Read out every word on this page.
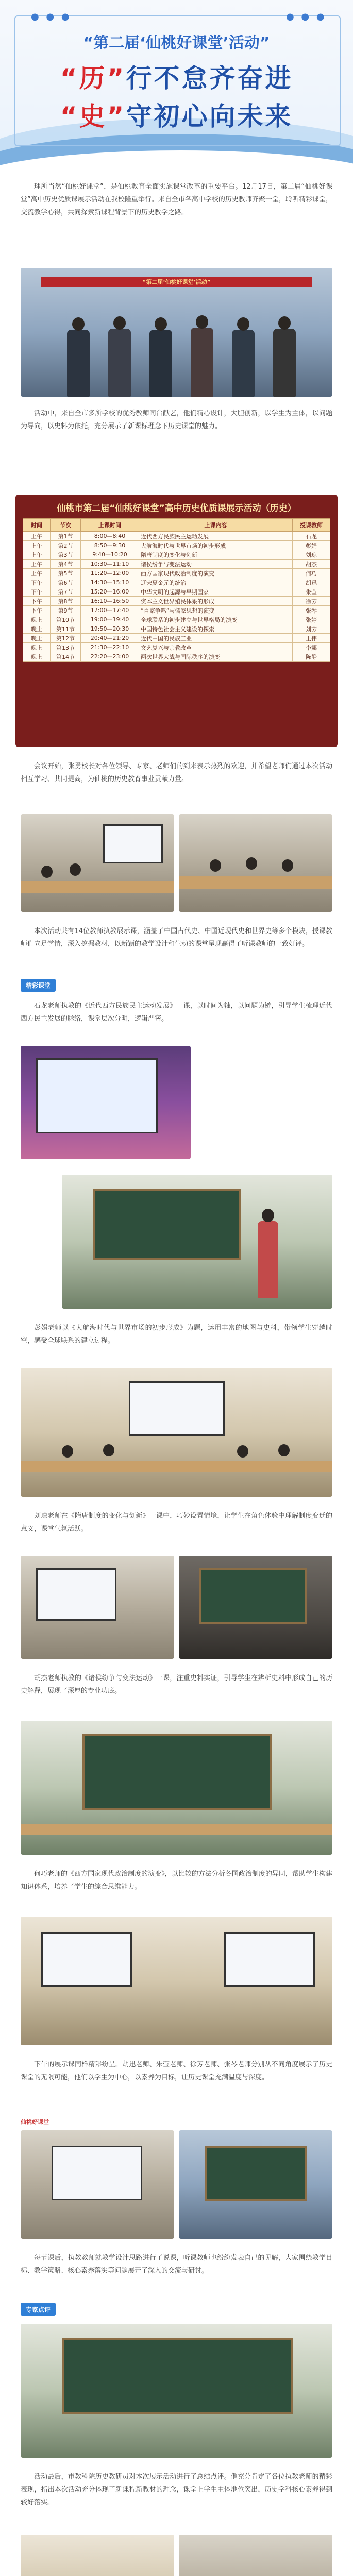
● ● ●	● ● ●
“第二届‘仙桃好课堂’活动”
“历”行不怠齐奋进
“史”守初心向未来

理所当然“仙桃好课堂”，是仙桃教育全面实施课堂改革的重要平台。12月17日，第二届“仙桃好课堂”高中历史优质课展示活动在我校隆重举行。来自全市各高中学校的历史教师齐聚一堂，聆听精彩课堂，交流教学心得，共同探索新课程背景下的历史教学之路。

“第二届‘仙桃好课堂’活动”

活动中，来自全市多所学校的优秀教师同台献艺，他们精心设计，大胆创新，以学生为主体，以问题为导向，以史料为依托，充分展示了新课标理念下历史课堂的魅力。

仙桃市第二届“仙桃好课堂”高中历史优质课展示活动（历史）
时间	节次	上课时间	上课内容	授课教师
上午	第1节	8:00—8:40	近代西方民族民主运动发展	石龙
上午	第2节	8:50—9:30	大航海时代与世界市场的初步形成	彭娟
上午	第3节	9:40—10:20	隋唐制度的变化与创新	刘琼
上午	第4节	10:30—11:10	诸侯纷争与变法运动	胡杰
上午	第5节	11:20—12:00	西方国家现代政治制度的演变	何巧
下午	第6节	14:30—15:10	辽宋夏金元的统治	胡迅
下午	第7节	15:20—16:00	中华文明的起源与早期国家	朱莹
下午	第8节	16:10—16:50	资本主义世界殖民体系的形成	徐芳
下午	第9节	17:00—17:40	“百家争鸣”与儒家思想的演变	张琴
晚上	第10节	19:00—19:40	全球联系的初步建立与世界格局的演变	张婷
晚上	第11节	19:50—20:30	中国特色社会主义建设的探索	刘芳
晚上	第12节	20:40—21:20	近代中国的民族工业	王伟
晚上	第13节	21:30—22:10	文艺复兴与宗教改革	李娜
晚上	第14节	22:20—23:00	两次世界大战与国际秩序的演变	陈静

会议开始，张勇校长对各位领导、专家、老师们的到来表示热烈的欢迎，并希望老师们通过本次活动相互学习、共同提高，为仙桃的历史教育事业贡献力量。

本次活动共有14位教师执教展示课，涵盖了中国古代史、中国近现代史和世界史等多个模块，授课教师们立足学情，深入挖掘教材，以新颖的教学设计和生动的课堂呈现赢得了听课教师的一致好评。

精彩课堂

石龙老师执教的《近代西方民族民主运动发展》一课，以时间为轴，以问题为链，引导学生梳理近代西方民主发展的脉络，课堂层次分明，逻辑严密。

彭娟老师以《大航海时代与世界市场的初步形成》为题，运用丰富的地图与史料，带领学生穿越时空，感受全球联系的建立过程。

刘琼老师在《隋唐制度的变化与创新》一课中，巧妙设置情境，让学生在角色体验中理解制度变迁的意义，课堂气氛活跃。

胡杰老师执教的《诸侯纷争与变法运动》一课，注重史料实证，引导学生在辨析史料中形成自己的历史解释，展现了深厚的专业功底。

何巧老师的《西方国家现代政治制度的演变》，以比较的方法分析各国政治制度的异同，帮助学生构建知识体系，培养了学生的综合思维能力。

下午的展示课同样精彩纷呈。胡迅老师、朱莹老师、徐芳老师、张琴老师分别从不同角度展示了历史课堂的无限可能，他们以学生为中心，以素养为目标，让历史课堂充满温度与深度。

仙桃好课堂

每节课后，执教教师就教学设计思路进行了说课，听课教师也纷纷发表自己的见解，大家围绕教学目标、教学策略、核心素养落实等问题展开了深入的交流与研讨。

专家点评

活动最后，市教科院历史教研员对本次展示活动进行了总结点评。他充分肯定了各位执教老师的精彩表现，指出本次活动充分体现了新课程新教材的理念，课堂上学生主体地位突出，历史学科核心素养得到较好落实。
